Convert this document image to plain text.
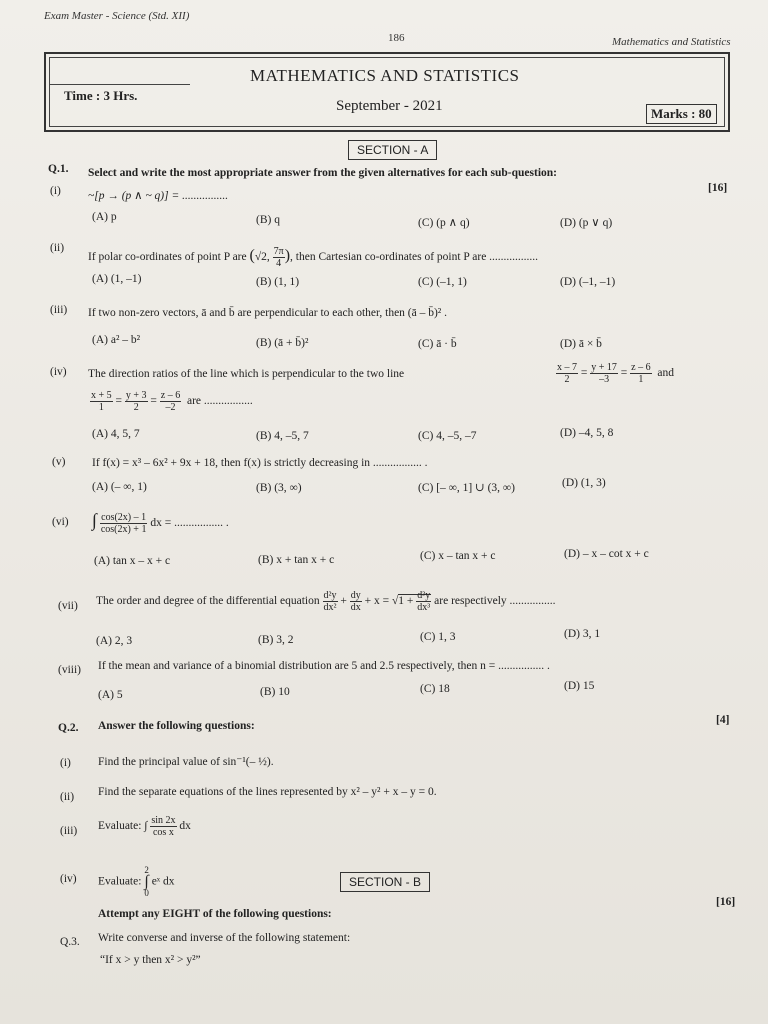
Exam Master - Science (Std. XII)
186	Mathematics and Statistics
MATHEMATICS AND STATISTICS
Time : 3 Hrs.
September - 2021	Marks : 80
SECTION - A
Q.1. Select and write the most appropriate answer from the given alternatives for each sub-question:
[16]
(i) ~[p → (p ∧ ~ q)] = ................
(A) p	(B) q	(C) (p ∧ q)	(D) (p ∨ q)
(ii)
If polar co-ordinates of point P are (√2, $\frac{7\pi}{4}$ ), then Cartesian co-ordinates of point P are .................
(A) (1, –1)	(B) (1, 1)	(C) (–1, 1)	(D) (–1, –1)
(iii) If two non-zero vectors, ā and b̄ are perpendicular to each other, then (ā – b̄)² .
(A) a² – b²	(B) (ā + b̄)²	(C) ā · b̄	(D) ā × b̄
(iv) The direction ratios of the line which is perpendicular to the two line	$\frac{x - 7}{2} = \frac{y + 17}{-3} = \frac{z - 6}{1}$ and
$\frac{x + 5}{1} = \frac{y + 3}{2} = \frac{z - 6}{-2}$ are .................
(A) 4, 5, 7	(B) 4, –5, 7	(C) 4, –5, –7	(D) –4, 5, 8
(v) If f(x) = x³ – 6x² + 9x + 18, then f(x) is strictly decreasing in ................. .
(A) (– ∞, 1)	(B) (3, ∞)	(C) [– ∞, 1] ∪ (3, ∞)	(D) (1, 3)
(vi) ∫ $\frac{\cos(2x) - 1}{\cos(2x) + 1}$ dx = ................. .
(A) tan x – x + c	(B) x + tan x + c	(C) x – tan x + c	(D) – x – cot x + c
(vii) The order and degree of the differential equation $\frac{\text{d²y}}{\text{dx²}} + \frac{dy}{dx} + x = √1 + \frac{\text{d³y}}{\text{dx³}}$ are respectively ................
(A) 2, 3	(B) 3, 2	(C) 1, 3	(D) 3, 1
(viii) If the mean and variance of a binomial distribution are 5 and 2.5 respectively, then n = ................ .
(A) 5	(B) 10	(C) 18	(D) 15
Q.2. Answer the following questions:	[4]
(i) Find the principal value of sin⁻¹(– ½).
(ii) Find the separate equations of the lines represented by x² – y² + x – y = 0.
(iii) Evaluate: ∫ $\frac{\sin 2x}{\text{cos x}}$ dx
(iv) Evaluate: 2
∫
0 eˣ dx	SECTION - B
Attempt any EIGHT of the following questions:
[16]
Q.3. Write converse and inverse of the following statement:
“If x > y then x² > y²”
